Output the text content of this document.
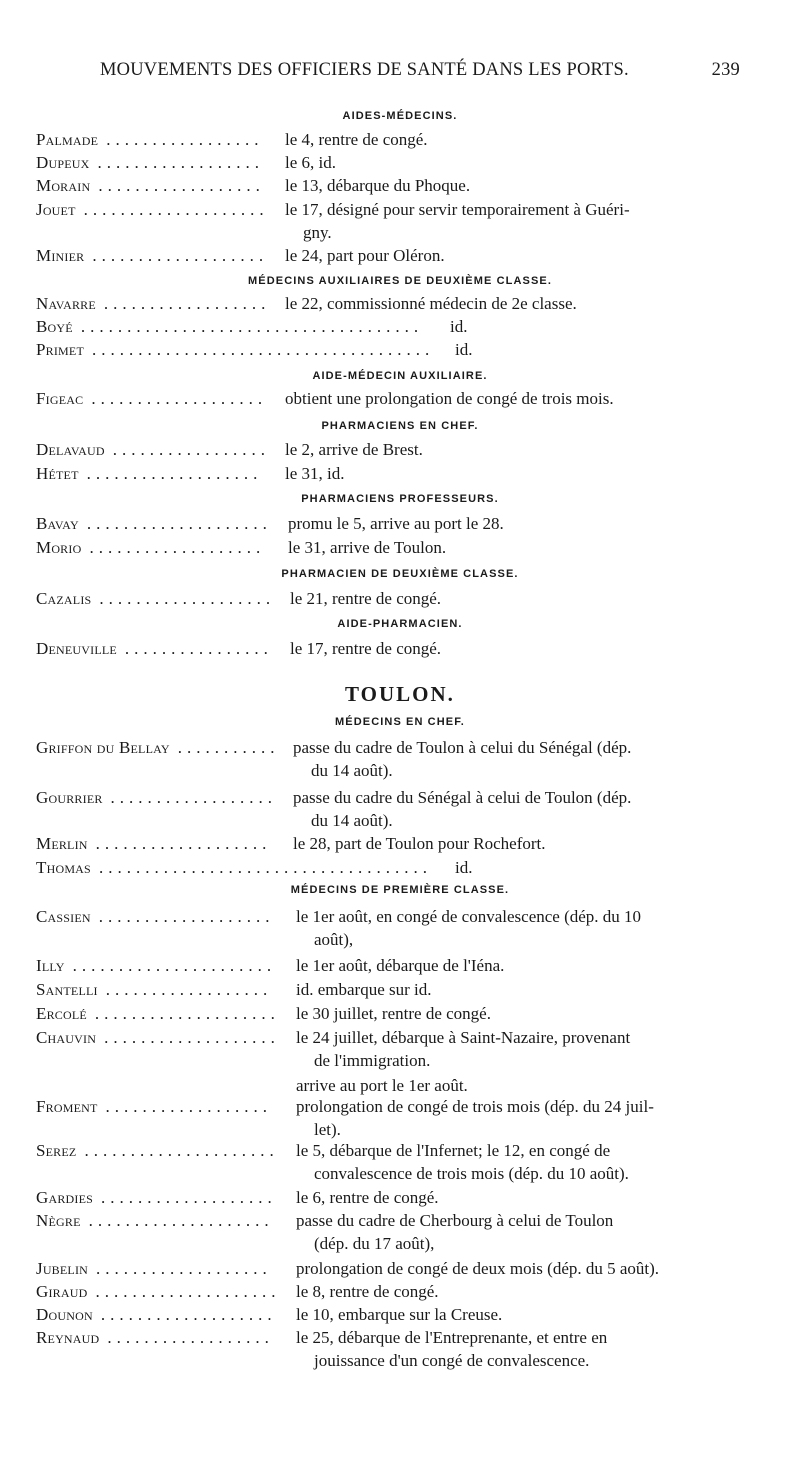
MOUVEMENTS DES OFFICIERS DE SANTÉ DANS LES PORTS.	239
AIDES-MÉDECINS.
MÉDECINS AUXILIAIRES DE DEUXIÈME CLASSE.
AIDE-MÉDECIN AUXILIAIRE.
PHARMACIENS EN CHEF.
PHARMACIENS PROFESSEURS.
PHARMACIEN DE DEUXIÈME CLASSE.
AIDE-PHARMACIEN.
TOULON.
MÉDECINS EN CHEF.
MÉDECINS DE PREMIÈRE CLASSE.
Palmade .................	le 4, rentre de congé.
Dupeux ..................	le 6, id.
Morain ..................	le 13, débarque du Phoque.
Jouet .................... le 17, désigné pour servir temporairement à Guéri-
gny.
Minier ................... le 24, part pour Oléron.
Navarre .................. le 22, commissionné médecin de 2e classe.
Boyé .....................................	id.
Primet .....................................	id.
Figeac ...................	obtient une prolongation de congé de trois mois.
Delavaud ................. le 2, arrive de Brest.
Hétet ...................	le 31, id.
Bavay .................... promu le 5, arrive au port le 28.
Morio ...................	le 31, arrive de Toulon.
Cazalis ................... le 21, rentre de congé.
Deneuville ................	le 17, rentre de congé.
Griffon du Bellay ........... passe du cadre de Toulon à celui du Sénégal (dép.
du 14 août).
Gourrier .................. passe du cadre du Sénégal à celui de Toulon (dép.
du 14 août).
Merlin ...................	le 28, part de Toulon pour Rochefort.
Thomas ....................................	id.
Cassien ...................	le 1er août, en congé de convalescence (dép. du 10
août),
Illy ......................	le 1er août, débarque de l'Iéna.
Santelli ..................	id. embarque sur id.
Ercolé .................... le 30 juillet, rentre de congé.
Chauvin ................... le 24 juillet, débarque à Saint-Nazaire, provenant
de l'immigration.
arrive au port le 1er août.
Froment ..................	prolongation de congé de trois mois (dép. du 24 juil-
let).
Serez .....................	le 5, débarque de l'Infernet; le 12, en congé de
convalescence de trois mois (dép. du 10 août).
Gardies ...................	le 6, rentre de congé.
Nègre ....................	passe du cadre de Cherbourg à celui de Toulon
(dép. du 17 août),
Jubelin ...................	prolongation de congé de deux mois (dép. du 5 août).
Giraud .................... le 8, rentre de congé.
Dounon ...................	le 10, embarque sur la Creuse.
Reynaud ..................	le 25, débarque de l'Entreprenante, et entre en
jouissance d'un congé de convalescence.
